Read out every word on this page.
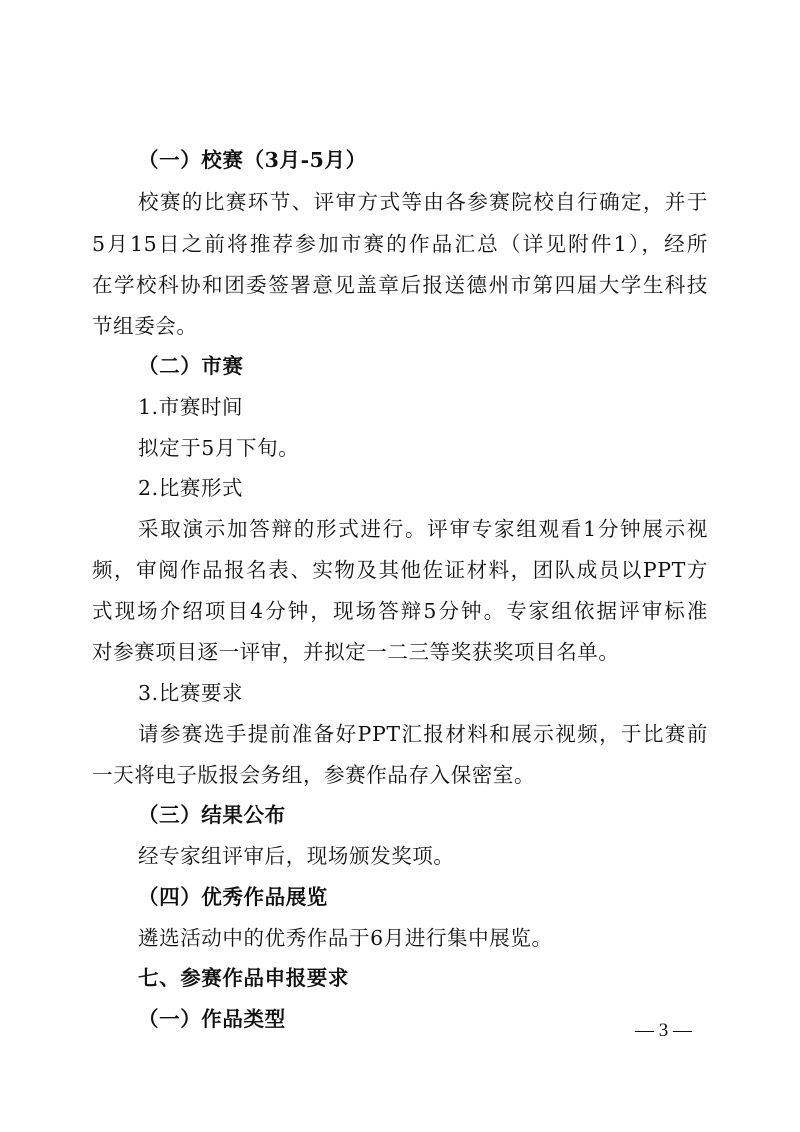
（一）校赛（3月-5月）
校赛的比赛环节、评审方式等由各参赛院校自行确定，并于
5月15日之前将推荐参加市赛的作品汇总（详见附件1），经所
在学校科协和团委签署意见盖章后报送德州市第四届大学生科技
节组委会。
（二）市赛
1.市赛时间
拟定于5月下旬。
2.比赛形式
采取演示加答辩的形式进行。评审专家组观看1分钟展示视
频，审阅作品报名表、实物及其他佐证材料，团队成员以PPT方
式现场介绍项目4分钟，现场答辩5分钟。专家组依据评审标准
对参赛项目逐一评审，并拟定一二三等奖获奖项目名单。
3.比赛要求
请参赛选手提前准备好PPT汇报材料和展示视频，于比赛前
一天将电子版报会务组，参赛作品存入保密室。
（三）结果公布
经专家组评审后，现场颁发奖项。
（四）优秀作品展览
遴选活动中的优秀作品于6月进行集中展览。
七、参赛作品申报要求
（一）作品类型	— 3 —
